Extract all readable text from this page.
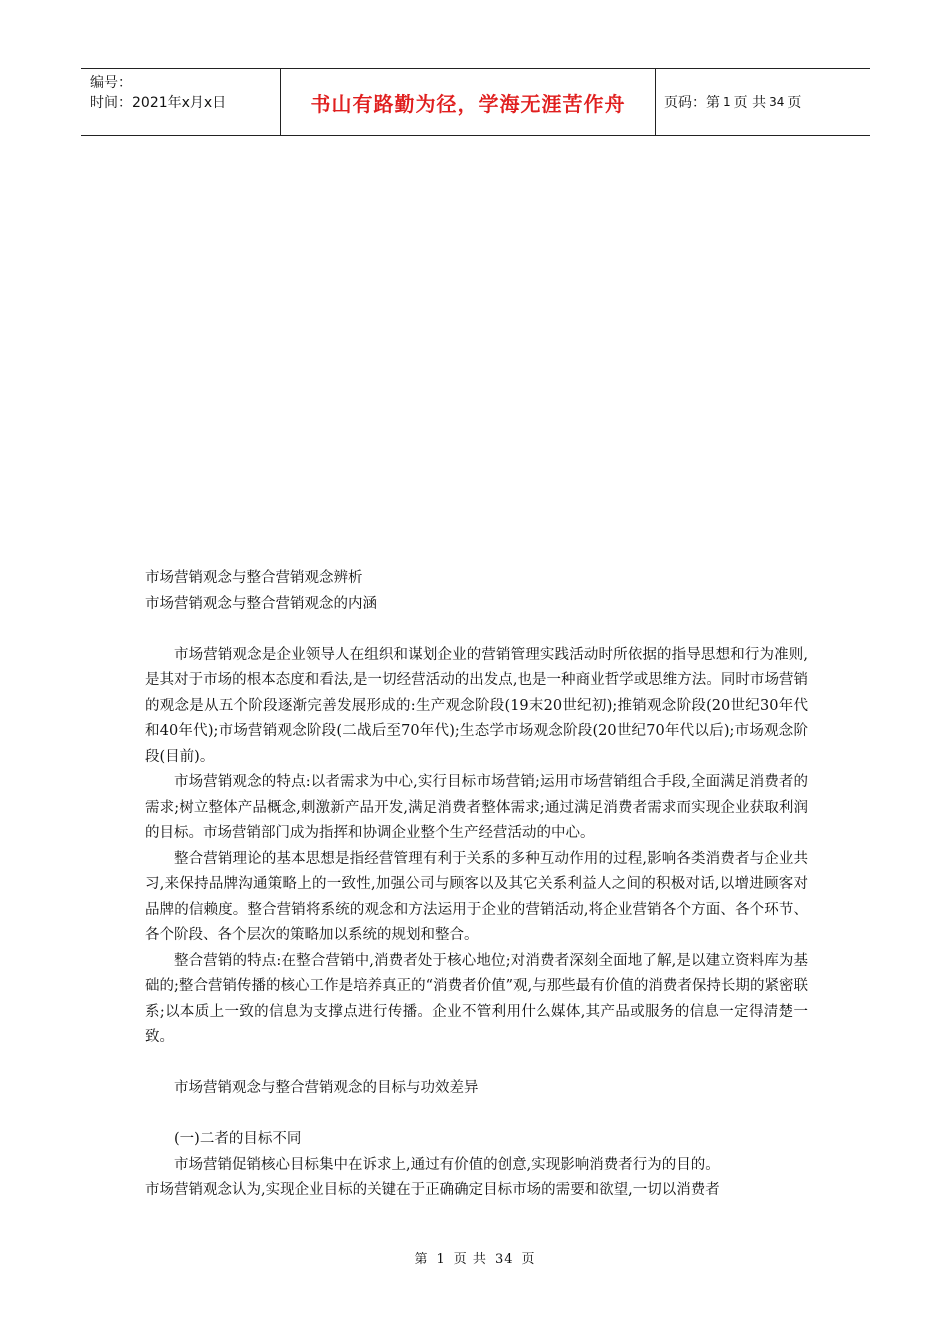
编号：
时间：2021年x月x日	书山有路勤为径，学海无涯苦作舟	页码：第 1 页 共 34 页

市场营销观念与整合营销观念辨析

市场营销观念与整合营销观念的内涵

市场营销观念是企业领导人在组织和谋划企业的营销管理实践活动时所依据的指导思想和行为准则,是其对于市场的根本态度和看法,是一切经营活动的出发点,也是一种商业哲学或思维方法。同时市场营销的观念是从五个阶段逐渐完善发展形成的:生产观念阶段(19末20世纪初);推销观念阶段(20世纪30年代和40年代);市场营销观念阶段(二战后至70年代);生态学市场观念阶段(20世纪70年代以后);市场观念阶段(目前)。

市场营销观念的特点:以者需求为中心,实行目标市场营销;运用市场营销组合手段,全面满足消费者的需求;树立整体产品概念,刺激新产品开发,满足消费者整体需求;通过满足消费者需求而实现企业获取利润的目标。市场营销部门成为指挥和协调企业整个生产经营活动的中心。

整合营销理论的基本思想是指经营管理有利于关系的多种互动作用的过程,影响各类消费者与企业共习,来保持品牌沟通策略上的一致性,加强公司与顾客以及其它关系利益人之间的积极对话,以增进顾客对品牌的信赖度。整合营销将系统的观念和方法运用于企业的营销活动,将企业营销各个方面、各个环节、各个阶段、各个层次的策略加以系统的规划和整合。

整合营销的特点:在整合营销中,消费者处于核心地位;对消费者深刻全面地了解,是以建立资料库为基础的;整合营销传播的核心工作是培养真正的“消费者价值”观,与那些最有价值的消费者保持长期的紧密联系;以本质上一致的信息为支撑点进行传播。企业不管利用什么媒体,其产品或服务的信息一定得清楚一致。

市场营销观念与整合营销观念的目标与功效差异

(一)二者的目标不同

市场营销促销核心目标集中在诉求上,通过有价值的创意,实现影响消费者行为的目的。

市场营销观念认为,实现企业目标的关键在于正确确定目标市场的需要和欲望,一切以消费者

第 1 页 共 34 页
